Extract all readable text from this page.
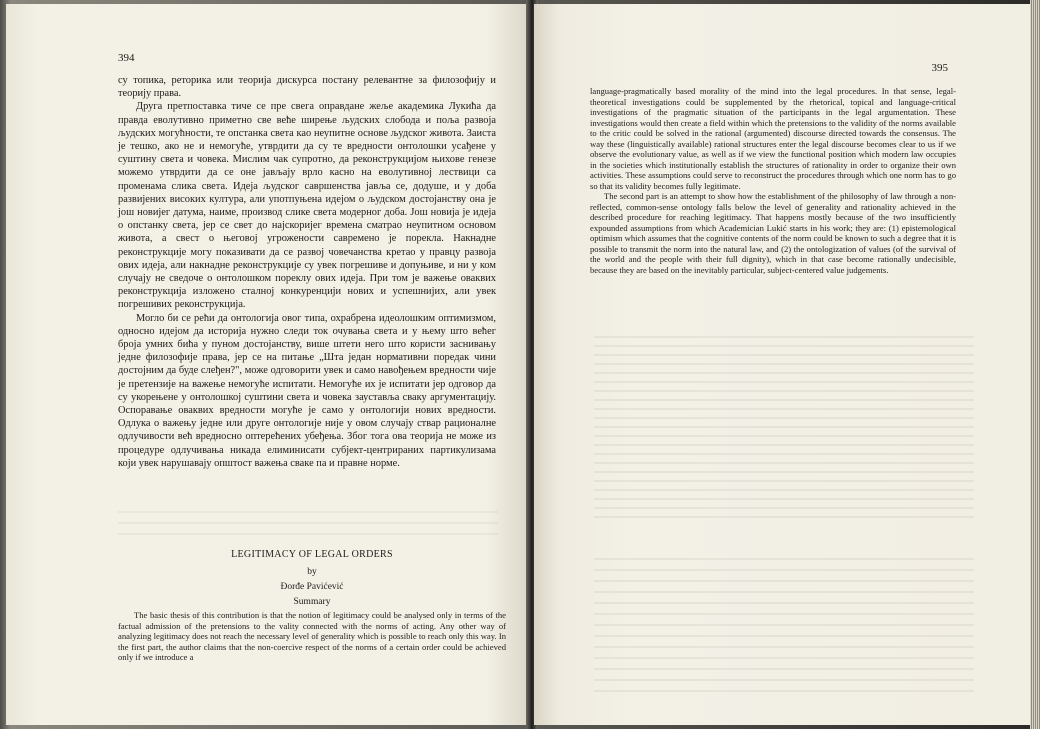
394

су топика, реторика или теорија дискурса постану релевантне за филозофију и теорију права.

Друга претпоставка тиче се пре свега оправдане жеље академика Лукића да правда еволутивно приметно све веће ширење људских слобода и поља развоја људских могућности, те опстанка света као неупитне основе људског живота. Заиста је тешко, ако не и немогуће, утврдити да су те вредности онтолошки усађене у суштину света и човека. Мислим чак супротно, да реконструкцијом њихове генезе можемо утврдити да се оне јављају врло касно на еволутивној лествици са променама слика света. Идеја људског савршенства јавља се, додуше, и у доба развијених високих култура, али употпуњена идејом о људском достојанству она је још новијег датума, наиме, производ слике света модерног доба. Још новија је идеја о опстанку света, јер се свет до најскоријег времена сматрао неупитном основом живота, а свест о његовој угрожености савремено је порекла. Накнадне реконструкције могу показивати да се развој човечанства кретао у правцу развоја ових идеја, али накнадне реконструкције су увек погрешиве и допуњиве, и ни у ком случају не сведоче о онтолошком пореклу ових идеја. При том је важење оваквих реконструкција изложено сталној конкуренцији нових и успешнијих, али увек погрешивих реконструкција.

Могло би се рећи да онтологија овог типа, охрабрена идеолошким оптимизмом, односно идејом да историја нужно следи ток очувања света и у њему што већег броја умних бића у пуном достојанству, више штети него што користи заснивању једне филозофије права, јер се на питање „Шта један нормативни поредак чини достојним да буде слеђен?", може одговорити увек и само навођењем вредности чије је претензије на важење немогуће испитати. Немогуће их је испитати јер одговор да су укорењене у онтолошкој суштини света и човека зауставља сваку аргументацију. Оспоравање оваквих вредности могуће је само у онтологији нових вредности. Одлука о важењу једне или друге онтологије није у овом случају ствар рационалне одлучивости већ вредносно оптерећених убеђења. Због тога ова теорија не може из процедуре одлучивања никада елиминисати субјект-центрираних партикулизама који увек нарушавају општост важења сваке па и правне норме.

LEGITIMACY OF LEGAL ORDERS
by
Đorđe Pavićević
Summary

The basic thesis of this contribution is that the notion of legitimacy could be analysed only in terms of the factual admission of the pretensions to the vality connected with the norms of acting. Any other way of analyzing legitimacy does not reach the necessary level of generality which is possible to reach only this way. In the first part, the author claims that the non-coercive respect of the norms of a certain order could be achieved only if we introduce a

395

language-pragmatically based morality of the mind into the legal procedures. In that sense, legal-theoretical investigations could be supplemented by the rhetorical, topical and language-critical investigations of the pragmatic situation of the participants in the legal argumentation. These investigations would then create a field within which the pretensions to the validity of the norms available to the critic could be solved in the rational (argumented) discourse directed towards the consensus. The way these (linguistically available) rational structures enter the legal discourse becomes clear to us if we observe the evolutionary value, as well as if we view the functional position which modern law occupies in the societies which institutionally establish the structures of rationality in order to organize their own activities. These assumptions could serve to reconstruct the procedures through which one norm has to go so that its validity becomes fully legitimate.

The second part is an attempt to show how the establishment of the philosophy of law through a non-reflected, common-sense ontology falls below the level of generality and rationality achieved in the described procedure for reaching legitimacy. That happens mostly because of the two insufficiently expounded assumptions from which Academician Lukić starts in his work; they are: (1) epistemological optimism which assumes that the cognitive contents of the norm could be known to such a degree that it is possible to transmit the norm into the natural law, and (2) the ontologization of values (of the survival of the world and the people with their full dignity), which in that case become rationally undecisible, because they are based on the inevitably particular, subject-centered value judgements.
